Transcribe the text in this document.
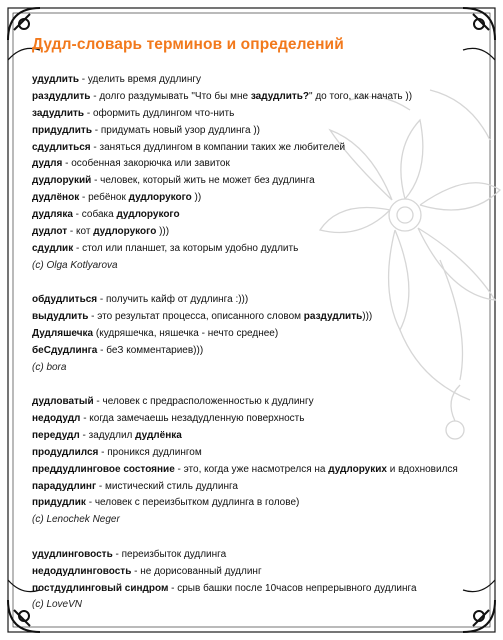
Дудл-словарь терминов и определений
удудлить - уделить время дудлингу
раздудлить - долго раздумывать "Что бы мне задудлить?" до того, как начать ))
задудлить - оформить дудлингом что-нить
придудлить - придумать новый узор дудлинга ))
сдудлиться - заняться дудлингом в компании таких же любителей
дудля - особенная закорючка или завиток
дудлорукий - человек, который жить не может без дудлинга
дудлёнок - ребёнок дудлорукого ))
дудляка - собака дудлорукого
дудлот - кот дудлорукого )))
сдудлик - стол или планшет, за которым удобно дудлить
(c) Olga Kotlyarova
обдудлиться - получить кайф от дудлинга :)))
выдудлить - это результат процесса, описанного словом раздудлить)))
Дудляшечка (кудряшечка, няшечка - нечто среднее)
беСдудлинга - беЗ комментариев)))
(c) bora
дудловатый - человек с предрасположенностью к дудлингу
недодудл - когда замечаешь незадудленную поверхность
передудл - задудлил дудлёнка
продудлился - проникся дудлингом
преддудлинговое состояние - это, когда уже насмотрелся на дудлоруких и вдохновился
парадудлинг - мистический стиль дудлинга
придудлик - человек с переизбытком дудлинга в голове)
(c) Lenochek Neger
удудлинговость - переизбыток дудлинга
недодудлинговость - не дорисованный дудлинг
постдудлинговый синдром - срыв башки после 10часов непрерывного дудлинга
(c) LoveVN
